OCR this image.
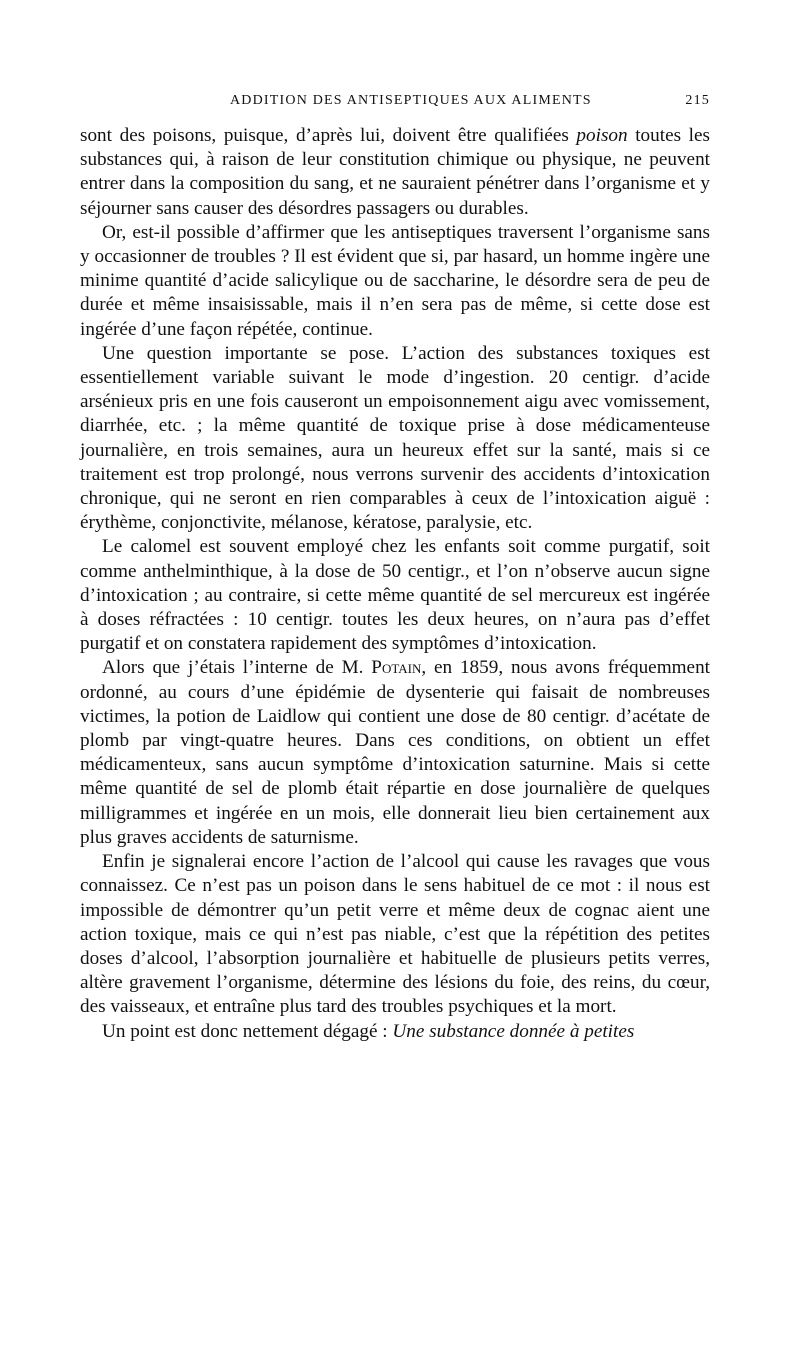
ADDITION DES ANTISEPTIQUES AUX ALIMENTS	215

sont des poisons, puisque, d’après lui, doivent être qualifiées poison toutes les substances qui, à raison de leur constitution chimique ou physique, ne peuvent entrer dans la composition du sang, et ne sauraient pénétrer dans l’organisme et y séjourner sans causer des désordres passagers ou durables.

Or, est-il possible d’affirmer que les antiseptiques traversent l’organisme sans y occasionner de troubles ? Il est évident que si, par hasard, un homme ingère une minime quantité d’acide salicylique ou de saccharine, le désordre sera de peu de durée et même insaisissable, mais il n’en sera pas de même, si cette dose est ingérée d’une façon répétée, continue.

Une question importante se pose. L’action des substances toxiques est essentiellement variable suivant le mode d’ingestion. 20 centigr. d’acide arsénieux pris en une fois causeront un empoisonnement aigu avec vomissement, diarrhée, etc. ; la même quantité de toxique prise à dose médicamenteuse journalière, en trois semaines, aura un heureux effet sur la santé, mais si ce traitement est trop prolongé, nous verrons survenir des accidents d’intoxication chronique, qui ne seront en rien comparables à ceux de l’intoxication aiguë : érythème, conjonctivite, mélanose, kératose, paralysie, etc.

Le calomel est souvent employé chez les enfants soit comme purgatif, soit comme anthelminthique, à la dose de 50 centigr., et l’on n’observe aucun signe d’intoxication ; au contraire, si cette même quantité de sel mercureux est ingérée à doses réfractées : 10 centigr. toutes les deux heures, on n’aura pas d’effet purgatif et on constatera rapidement des symptômes d’intoxication.

Alors que j’étais l’interne de M. Potain, en 1859, nous avons fréquemment ordonné, au cours d’une épidémie de dysenterie qui faisait de nombreuses victimes, la potion de Laidlow qui contient une dose de 80 centigr. d’acétate de plomb par vingt-quatre heures. Dans ces conditions, on obtient un effet médicamenteux, sans aucun symptôme d’intoxication saturnine. Mais si cette même quantité de sel de plomb était répartie en dose journalière de quelques milligrammes et ingérée en un mois, elle donnerait lieu bien certainement aux plus graves accidents de saturnisme.

Enfin je signalerai encore l’action de l’alcool qui cause les ravages que vous connaissez. Ce n’est pas un poison dans le sens habituel de ce mot : il nous est impossible de démontrer qu’un petit verre et même deux de cognac aient une action toxique, mais ce qui n’est pas niable, c’est que la répétition des petites doses d’alcool, l’absorption journalière et habituelle de plusieurs petits verres, altère gravement l’organisme, détermine des lésions du foie, des reins, du cœur, des vaisseaux, et entraîne plus tard des troubles psychiques et la mort.

Un point est donc nettement dégagé : Une substance donnée à petites
